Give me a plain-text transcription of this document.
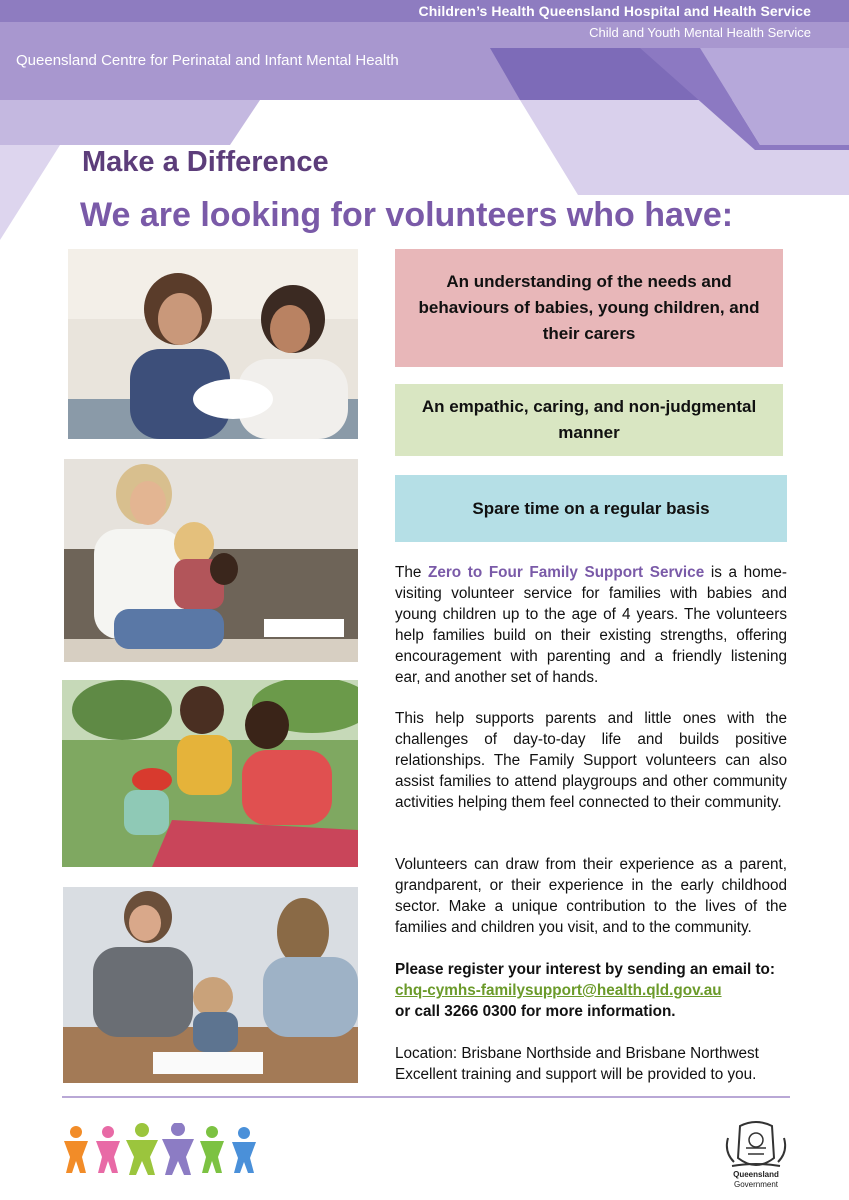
Children’s Health Queensland Hospital and Health Service
Child and Youth Mental Health Service
Queensland Centre for Perinatal and Infant Mental Health
Make a Difference
We are looking for volunteers who have:
An understanding of the needs and behaviours of babies, young children, and their carers
An empathic, caring, and non-judgmental manner
Spare time on a regular basis
The Zero to Four Family Support Service is a home-visiting volunteer service for families with babies and young children up to the age of 4 years. The volunteers help families build on their existing strengths, offering encouragement with parenting and a friendly listening ear, and another set of hands.
This help supports parents and little ones with the challenges of day-to-day life and builds positive relationships. The Family Support volunteers can also assist families to attend playgroups and other community activities helping them feel connected to their community.
Volunteers can draw from their experience as a parent, grandparent, or their experience in the early childhood sector. Make a unique contribution to the lives of the families and children you visit, and to the community.
Please register your interest by sending an email to:
chq-cymhs-familysupport@health.qld.gov.au
or call 3266 0300 for more information.
Location: Brisbane Northside and Brisbane Northwest
Excellent training and support will be provided to you.
Queensland
Government
